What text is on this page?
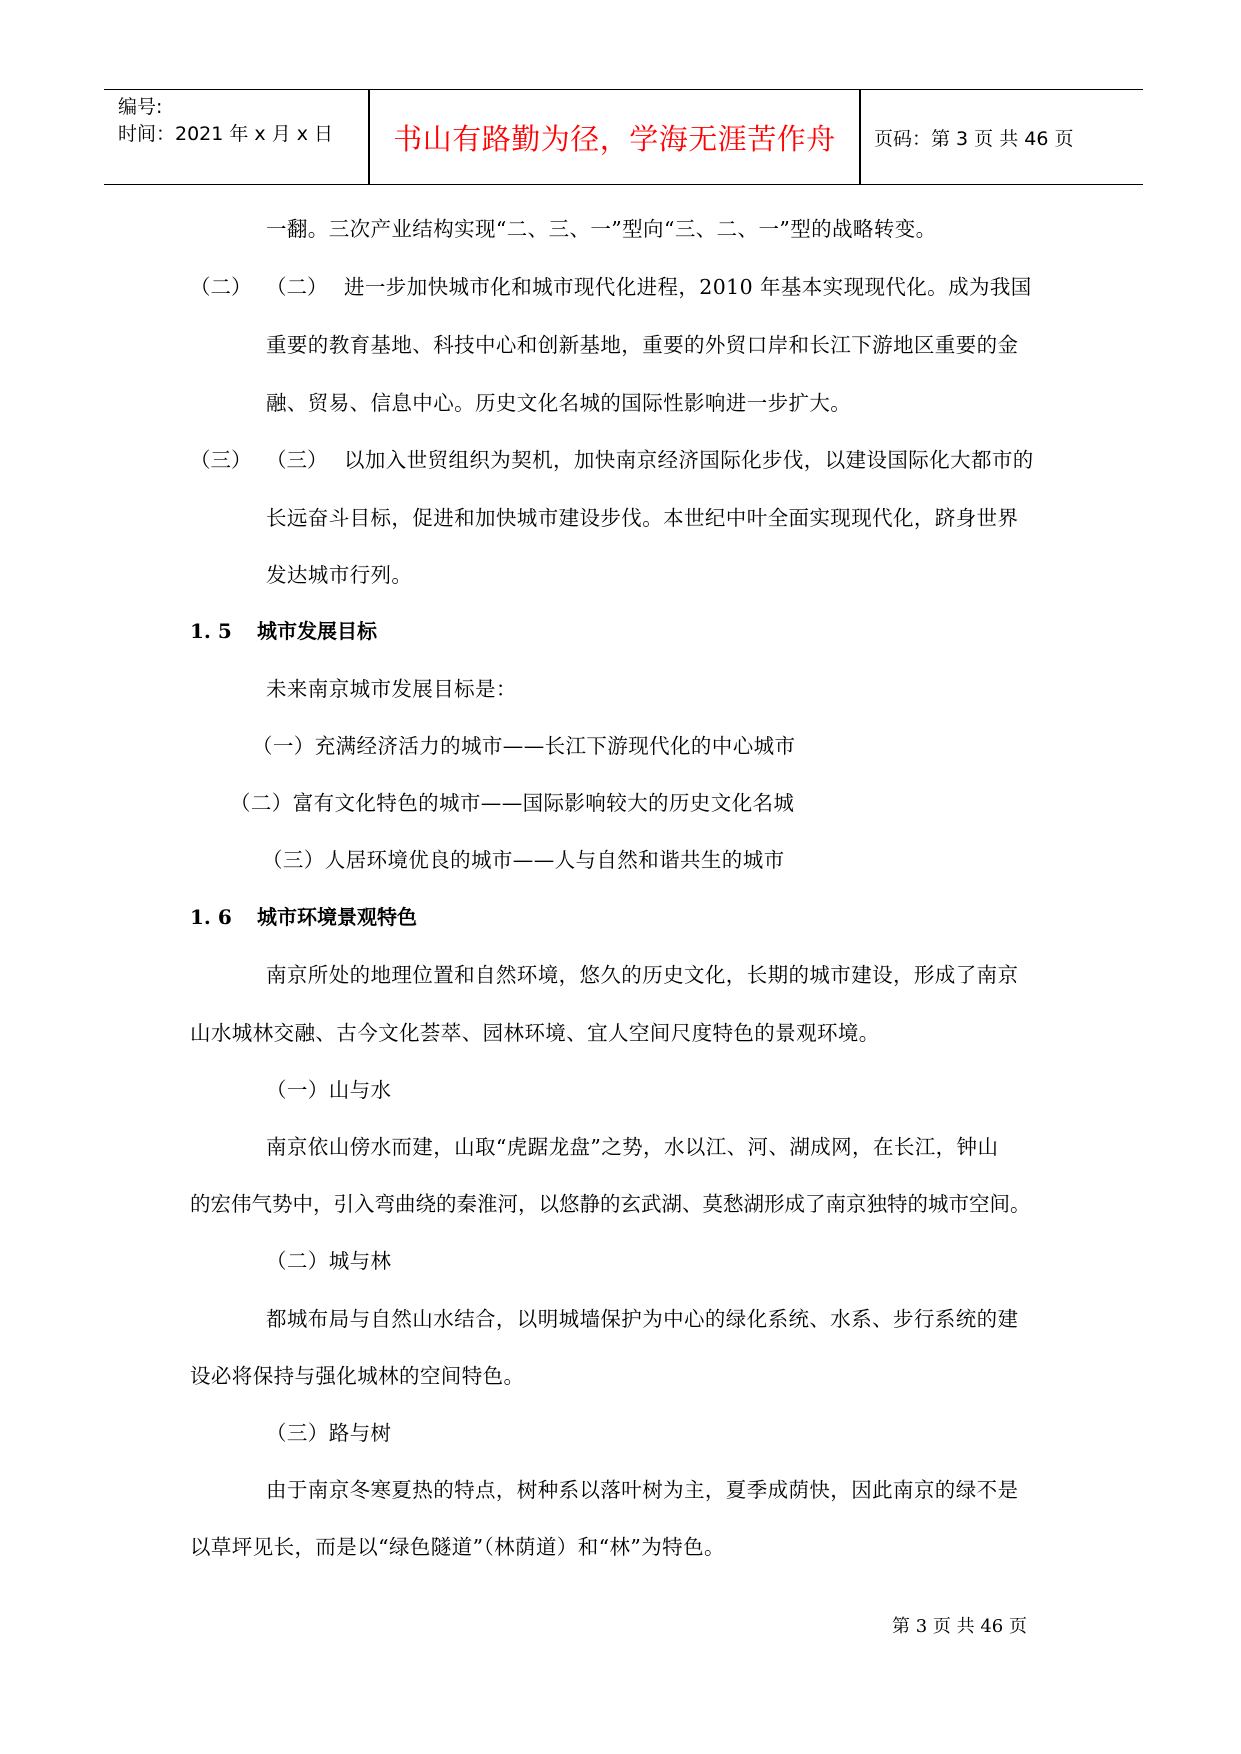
编号:
时间：2021 年 x 月 x 日	书山有路勤为径，学海无涯苦作舟	页码：第 3 页 共 46 页
一翻。三次产业结构实现“二、三、一”型向“三、二、一”型的战略转变。
（二） （二） 进一步加快城市化和城市现代化进程，2010 年基本实现现代化。成为我国
重要的教育基地、科技中心和创新基地，重要的外贸口岸和长江下游地区重要的金
融、贸易、信息中心。历史文化名城的国际性影响进一步扩大。
（三） （三） 以加入世贸组织为契机，加快南京经济国际化步伐，以建设国际化大都市的
长远奋斗目标，促进和加快城市建设步伐。本世纪中叶全面实现现代化，跻身世界
发达城市行列。
1. 5 城市发展目标
未来南京城市发展目标是：
（一）充满经济活力的城市——长江下游现代化的中心城市
（二）富有文化特色的城市——国际影响较大的历史文化名城
（三）人居环境优良的城市——人与自然和谐共生的城市
1. 6 城市环境景观特色
南京所处的地理位置和自然环境，悠久的历史文化，长期的城市建设，形成了南京
山水城林交融、古今文化荟萃、园林环境、宜人空间尺度特色的景观环境。
（一）山与水
南京依山傍水而建，山取“虎踞龙盘”之势，水以江、河、湖成网，在长江，钟山
的宏伟气势中，引入弯曲绕的秦淮河，以悠静的玄武湖、莫愁湖形成了南京独特的城市空间。
（二）城与林
都城布局与自然山水结合，以明城墙保护为中心的绿化系统、水系、步行系统的建
设必将保持与强化城林的空间特色。
（三）路与树
由于南京冬寒夏热的特点，树种系以落叶树为主，夏季成荫快，因此南京的绿不是
以草坪见长，而是以“绿色隧道”（林荫道）和“林”为特色。
第 3 页 共 46 页
